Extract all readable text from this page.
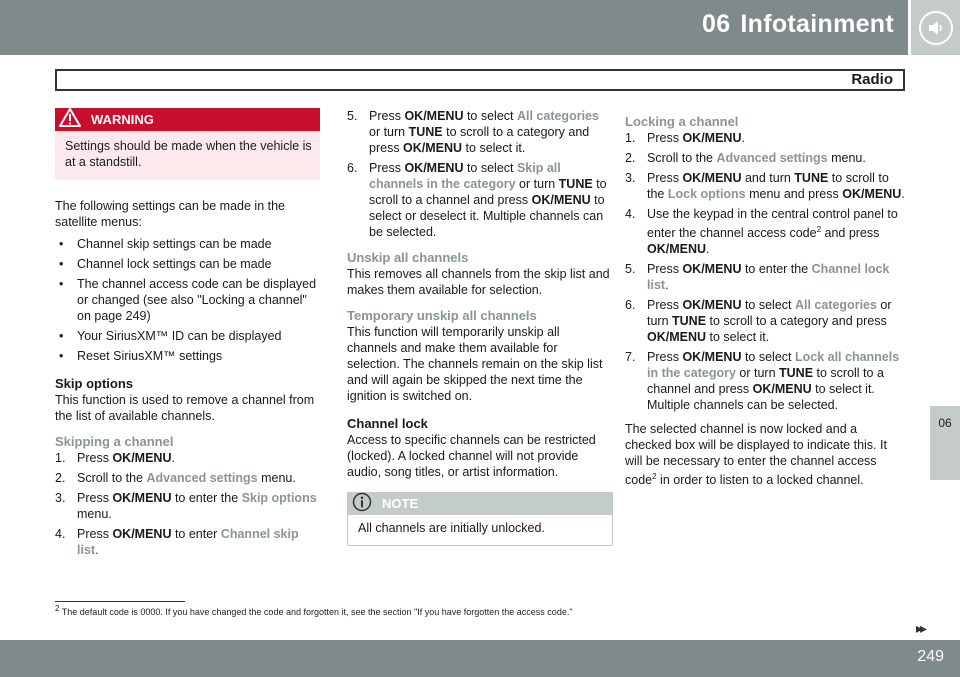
06 Infotainment
Radio
06
WARNING
Settings should be made when the vehicle is at a standstill.

The following settings can be made in the satellite menus:

• Channel skip settings can be made
• Channel lock settings can be made
• The channel access code can be displayed or changed (see also "Locking a channel" on page 249)
• Your SiriusXM™ ID can be displayed
• Reset SiriusXM™ settings
Skip options

This function is used to remove a channel from the list of available channels.

Skipping a channel
1. Press OK/MENU.
2. Scroll to the Advanced settings menu.
3. Press OK/MENU to enter the Skip options menu.
4. Press OK/MENU to enter Channel skip list.
5. Press OK/MENU to select All categories or turn TUNE to scroll to a category and press OK/MENU to select it.
6. Press OK/MENU to select Skip all channels in the category or turn TUNE to scroll to a channel and press OK/MENU to select or deselect it. Multiple channels can be selected.
Unskip all channels

This removes all channels from the skip list and makes them available for selection.

Temporary unskip all channels

This function will temporarily unskip all channels and make them available for selection. The channels remain on the skip list and will again be skipped the next time the ignition is switched on.

Channel lock

Access to specific channels can be restricted (locked). A locked channel will not provide audio, song titles, or artist information.

NOTE
All channels are initially unlocked.
Locking a channel
1. Press OK/MENU.
2. Scroll to the Advanced settings menu.
3. Press OK/MENU and turn TUNE to scroll to the Lock options menu and press OK/MENU.
4. Use the keypad in the central control panel to enter the channel access code$^2$ and press OK/MENU.
5. Press OK/MENU to enter the Channel lock list.
6. Press OK/MENU to select All categories or turn TUNE to scroll to a category and press OK/MENU to select it.
7. Press OK/MENU to select Lock all channels in the category or turn TUNE to scroll to a channel and press OK/MENU to select it. Multiple channels can be selected.

The selected channel is now locked and a checked box will be displayed to indicate this. It will be necessary to enter the channel access code$^2$ in order to listen to a locked channel.

$^2$ The default code is 0000. If you have changed the code and forgotten it, see the section "If you have forgotten the access code."
▸▸
249
